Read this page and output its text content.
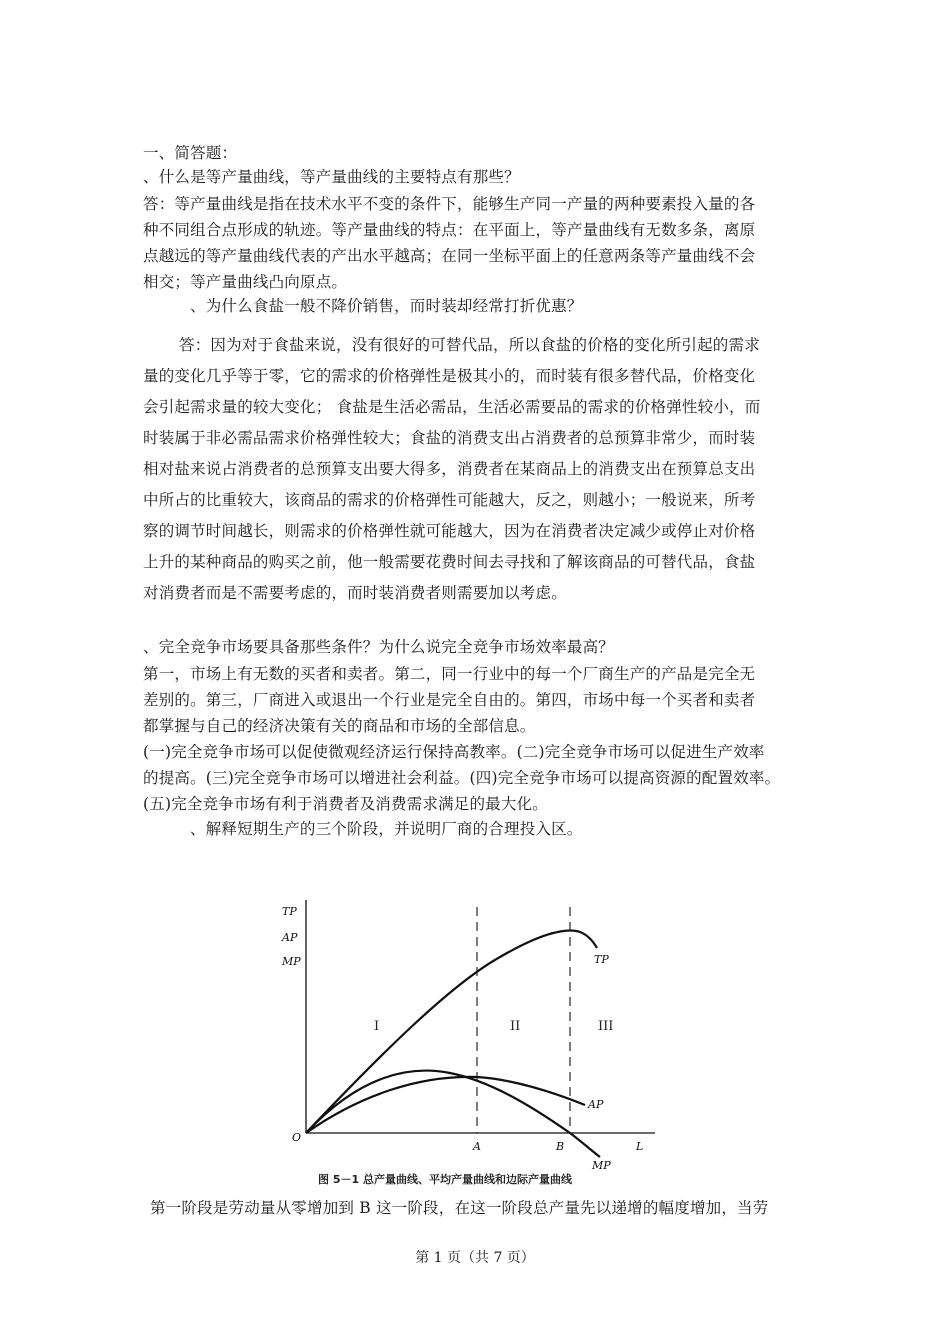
一、简答题：
、什么是等产量曲线，等产量曲线的主要特点有那些？

答：等产量曲线是指在技术水平不变的条件下，能够生产同一产量的两种要素投入量的各

种不同组合点形成的轨迹。等产量曲线的特点：在平面上，等产量曲线有无数多条，离原

点越远的等产量曲线代表的产出水平越高；在同一坐标平面上的任意两条等产量曲线不会

相交；等产量曲线凸向原点。

、为什么食盐一般不降价销售，而时装却经常打折优惠？

答：因为对于食盐来说，没有很好的可替代品，所以食盐的价格的变化所引起的需求

量的变化几乎等于零，它的需求的价格弹性是极其小的，而时装有很多替代品，价格变化

会引起需求量的较大变化； 食盐是生活必需品，生活必需要品的需求的价格弹性较小，而

时装属于非必需品需求价格弹性较大；食盐的消费支出占消费者的总预算非常少，而时装

相对盐来说占消费者的总预算支出要大得多，消费者在某商品上的消费支出在预算总支出

中所占的比重较大，该商品的需求的价格弹性可能越大，反之，则越小；一般说来，所考

察的调节时间越长，则需求的价格弹性就可能越大，因为在消费者决定减少或停止对价格

上升的某种商品的购买之前，他一般需要花费时间去寻找和了解该商品的可替代品，食盐

对消费者而是不需要考虑的，而时装消费者则需要加以考虑。

、完全竞争市场要具备那些条件？为什么说完全竞争市场效率最高？

第一，市场上有无数的买者和卖者。第二，同一行业中的每一个厂商生产的产品是完全无

差别的。第三，厂商进入或退出一个行业是完全自由的。第四，市场中每一个买者和卖者

都掌握与自己的经济决策有关的商品和市场的全部信息。

(一)完全竞争市场可以促使微观经济运行保持高教率。(二)完全竞争市场可以促进生产效率

的提高。(三)完全竞争市场可以增进社会利益。(四)完全竞争市场可以提高资源的配置效率。

(五)完全竞争市场有利于消费者及消费需求满足的最大化。

、解释短期生产的三个阶段，并说明厂商的合理投入区。
TP
AP
MP
O
L
A	B
TP
AP
MP
I	II	III
图 5－1 总产量曲线、平均产量曲线和边际产量曲线
第一阶段是劳动量从零增加到 B 这一阶段，在这一阶段总产量先以递增的幅度增加，当劳
第 1 页（共 7 页）
